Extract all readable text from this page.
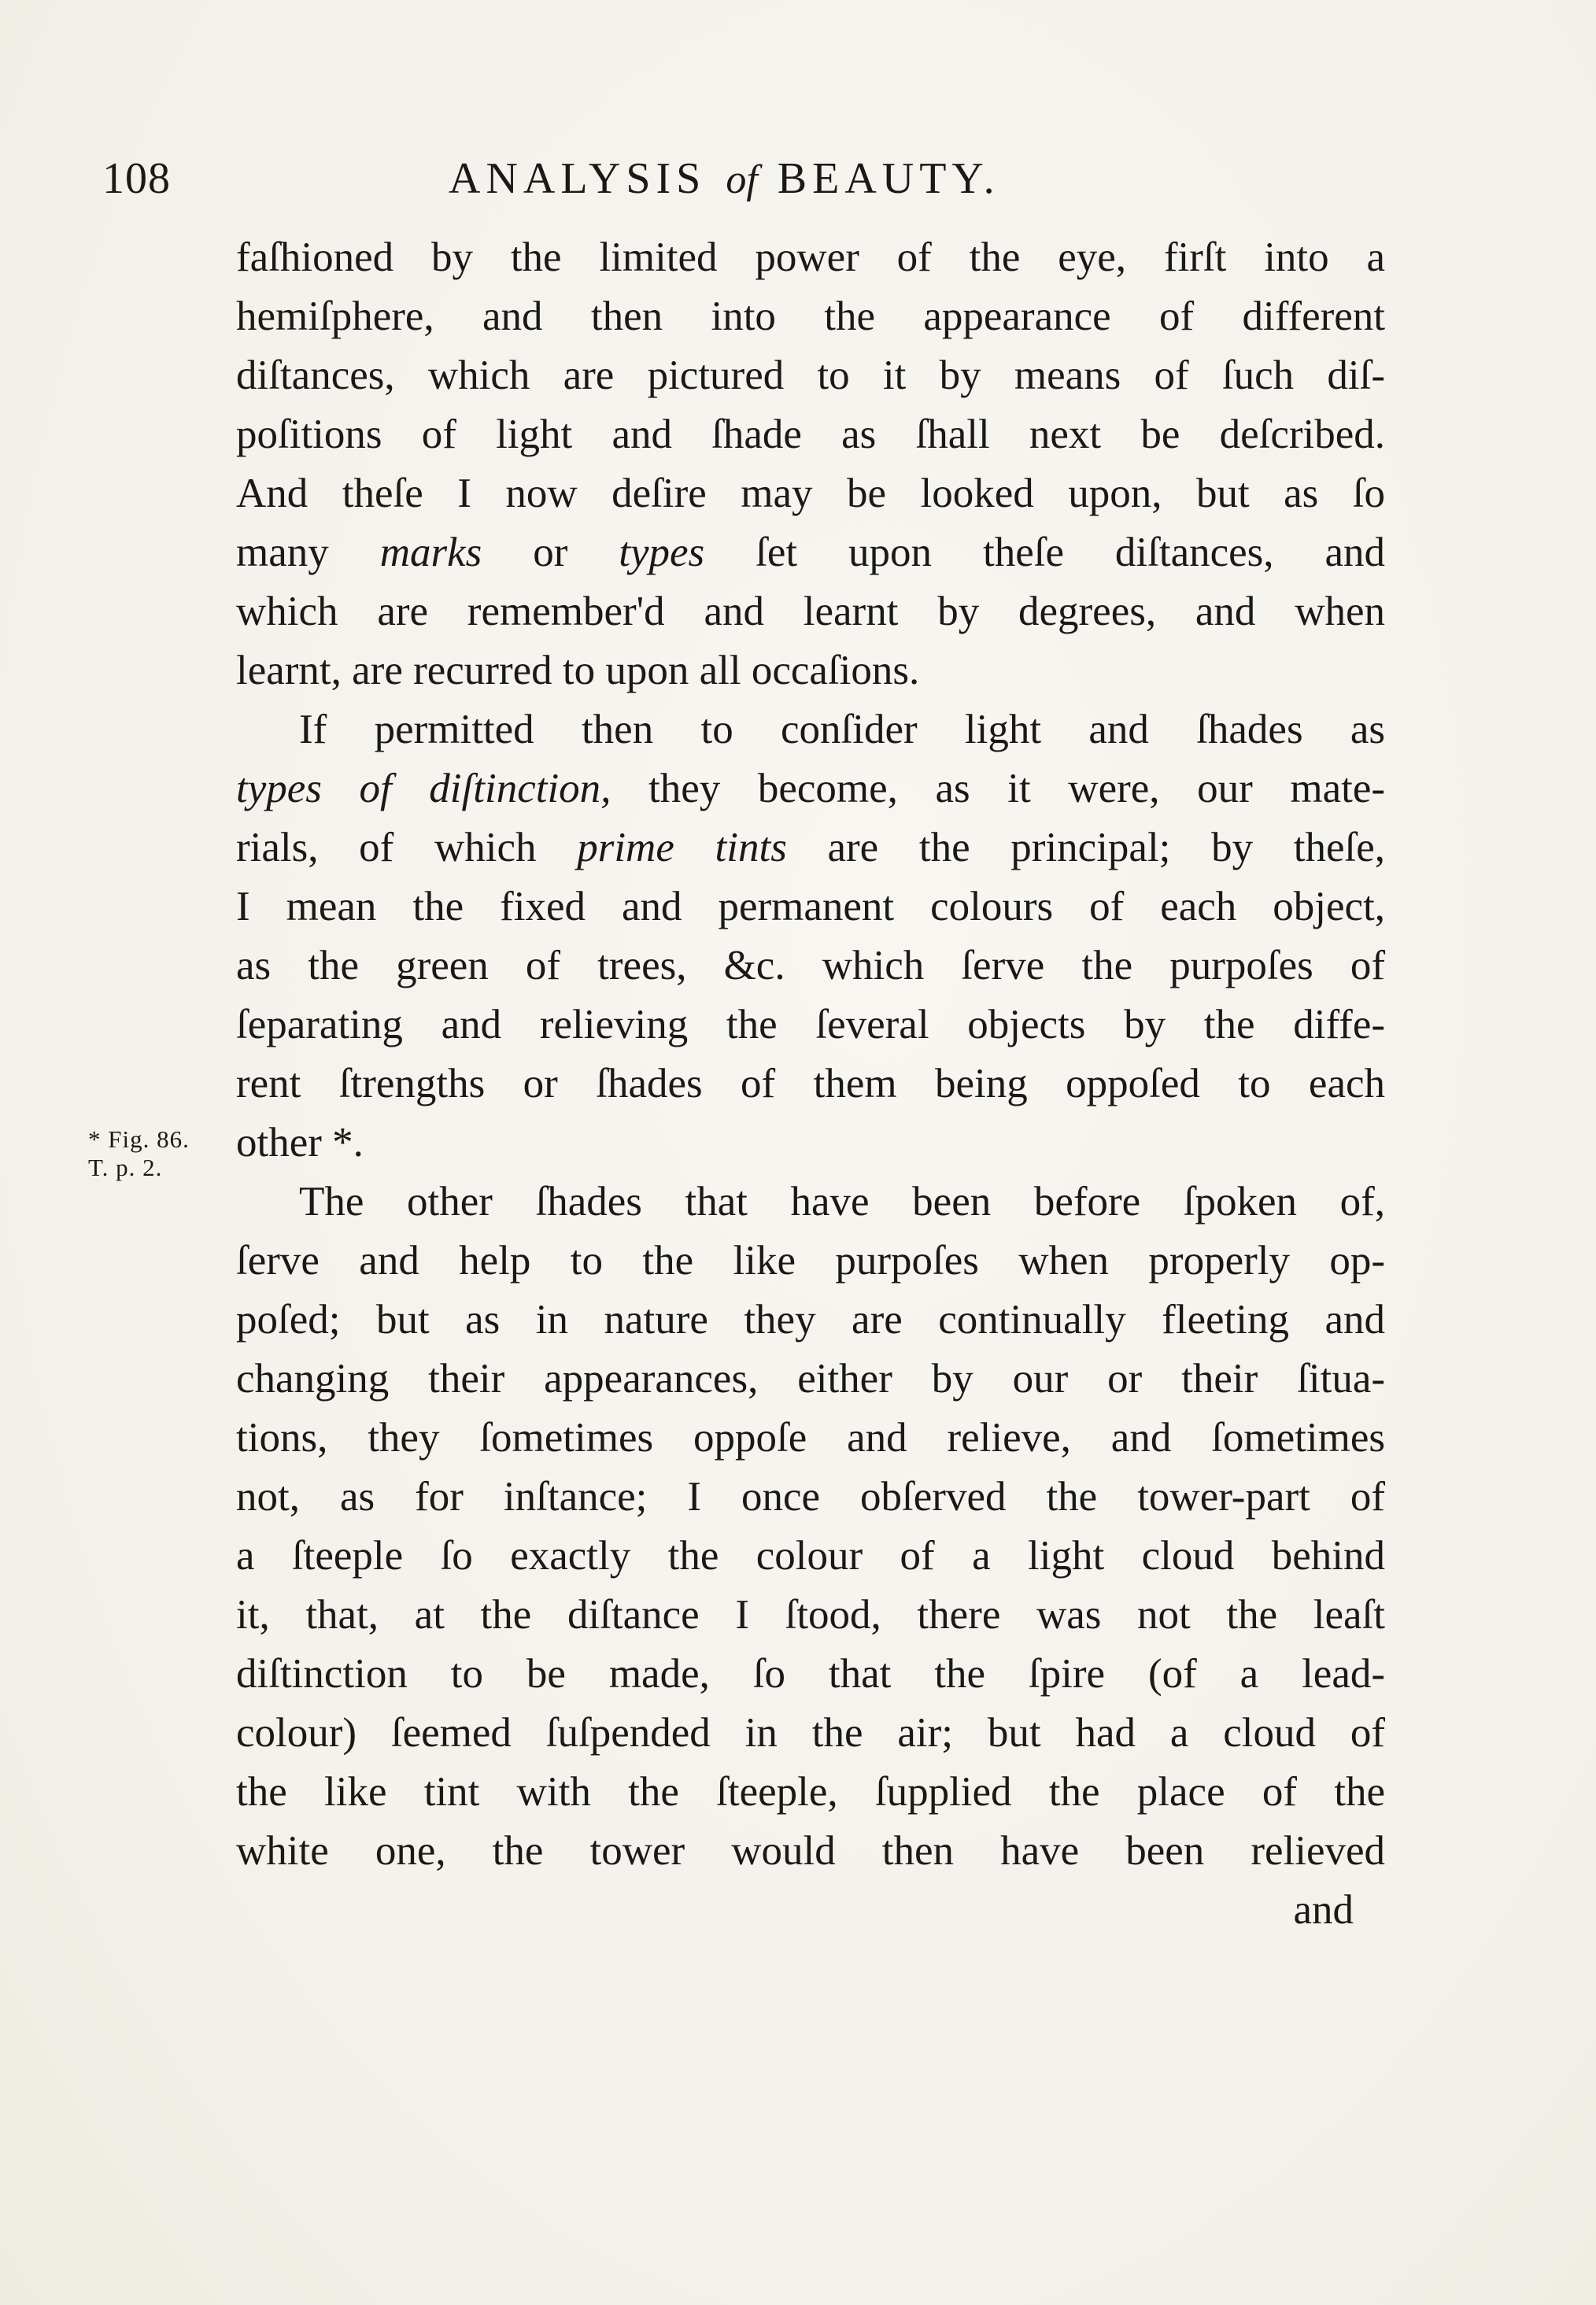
108	ANALYSIS of BEAUTY.
* Fig. 86.
T. p. 2.
faſhioned by the limited power of the eye, firſt into a
hemiſphere, and then into the appearance of different
diſtances, which are pictured to it by means of ſuch diſ-
poſitions of light and ſhade as ſhall next be deſcribed.
And theſe I now deſire may be looked upon, but as ſo
many marks or types ſet upon theſe diſtances, and
which are remember'd and learnt by degrees, and when
learnt, are recurred to upon all occaſions.
If permitted then to conſider light and ſhades as
types of diſtinction, they become, as it were, our mate-
rials, of which prime tints are the principal; by theſe,
I mean the fixed and permanent colours of each object,
as the green of trees, &c. which ſerve the purpoſes of
ſeparating and relieving the ſeveral objects by the diffe-
rent ſtrengths or ſhades of them being oppoſed to each
other *.
The other ſhades that have been before ſpoken of,
ſerve and help to the like purpoſes when properly op-
poſed; but as in nature they are continually fleeting and
changing their appearances, either by our or their ſitua-
tions, they ſometimes oppoſe and relieve, and ſometimes
not, as for inſtance; I once obſerved the tower-part of
a ſteeple ſo exactly the colour of a light cloud behind
it, that, at the diſtance I ſtood, there was not the leaſt
diſtinction to be made, ſo that the ſpire (of a lead-
colour) ſeemed ſuſpended in the air; but had a cloud of
the like tint with the ſteeple, ſupplied the place of the
white one, the tower would then have been relieved
and
